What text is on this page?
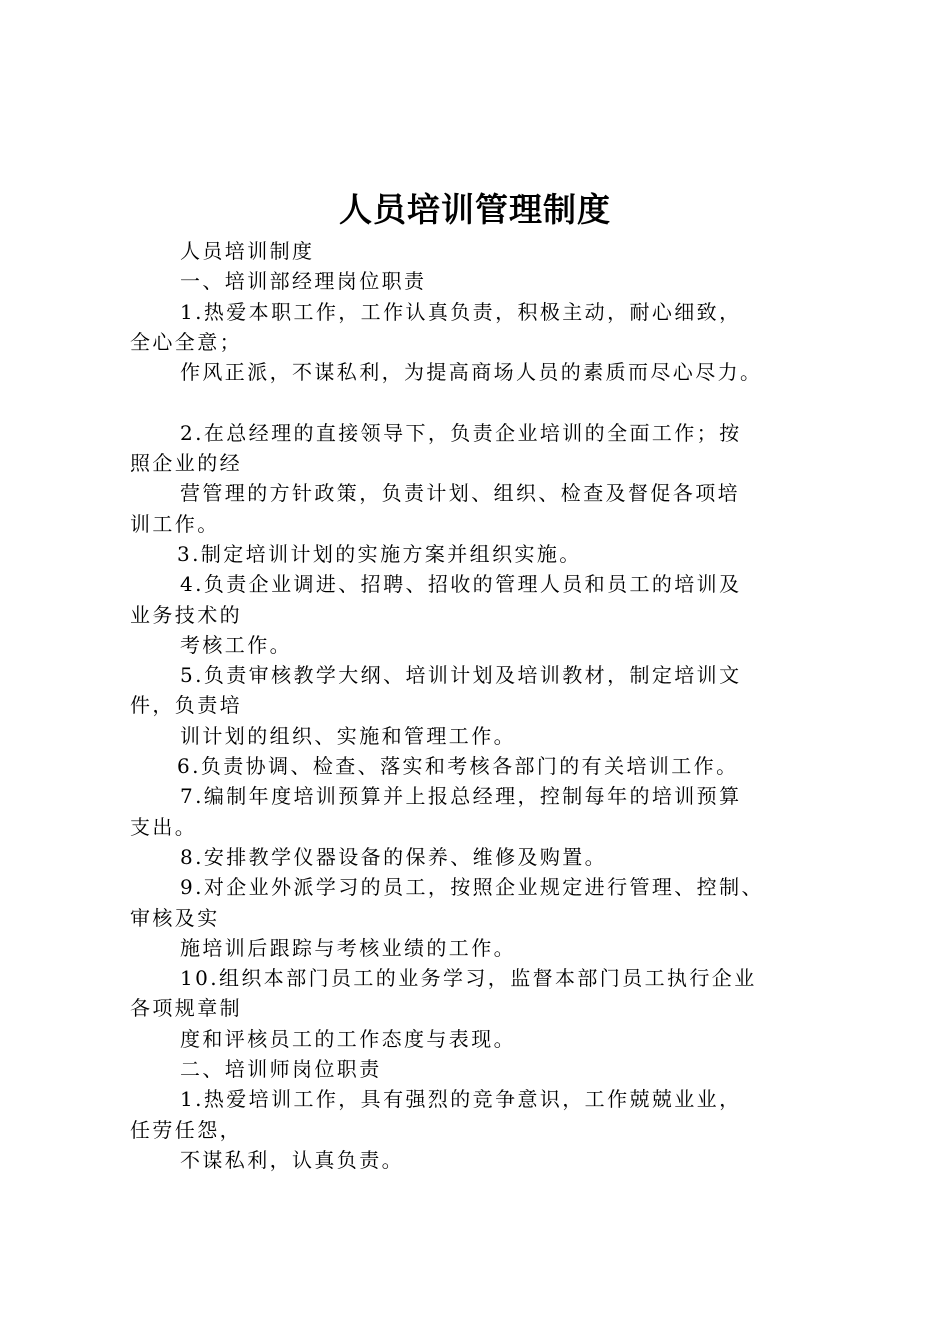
人员培训管理制度
人员培训制度
一、培训部经理岗位职责
1.热爱本职工作，工作认真负责，积极主动，耐心细致，
全心全意；
作风正派，不谋私利，为提高商场人员的素质而尽心尽力。
2.在总经理的直接领导下，负责企业培训的全面工作；按
照企业的经
营管理的方针政策，负责计划、组织、检查及督促各项培
训工作。
3.制定培训计划的实施方案并组织实施。
4.负责企业调进、招聘、招收的管理人员和员工的培训及
业务技术的
考核工作。
5.负责审核教学大纲、培训计划及培训教材，制定培训文
件，负责培
训计划的组织、实施和管理工作。
6.负责协调、检查、落实和考核各部门的有关培训工作。
7.编制年度培训预算并上报总经理，控制每年的培训预算
支出。
8.安排教学仪器设备的保养、维修及购置。
9.对企业外派学习的员工，按照企业规定进行管理、控制、
审核及实
施培训后跟踪与考核业绩的工作。
10.组织本部门员工的业务学习，监督本部门员工执行企业
各项规章制
度和评核员工的工作态度与表现。
二、培训师岗位职责
1.热爱培训工作，具有强烈的竞争意识，工作兢兢业业，
任劳任怨，
不谋私利，认真负责。
